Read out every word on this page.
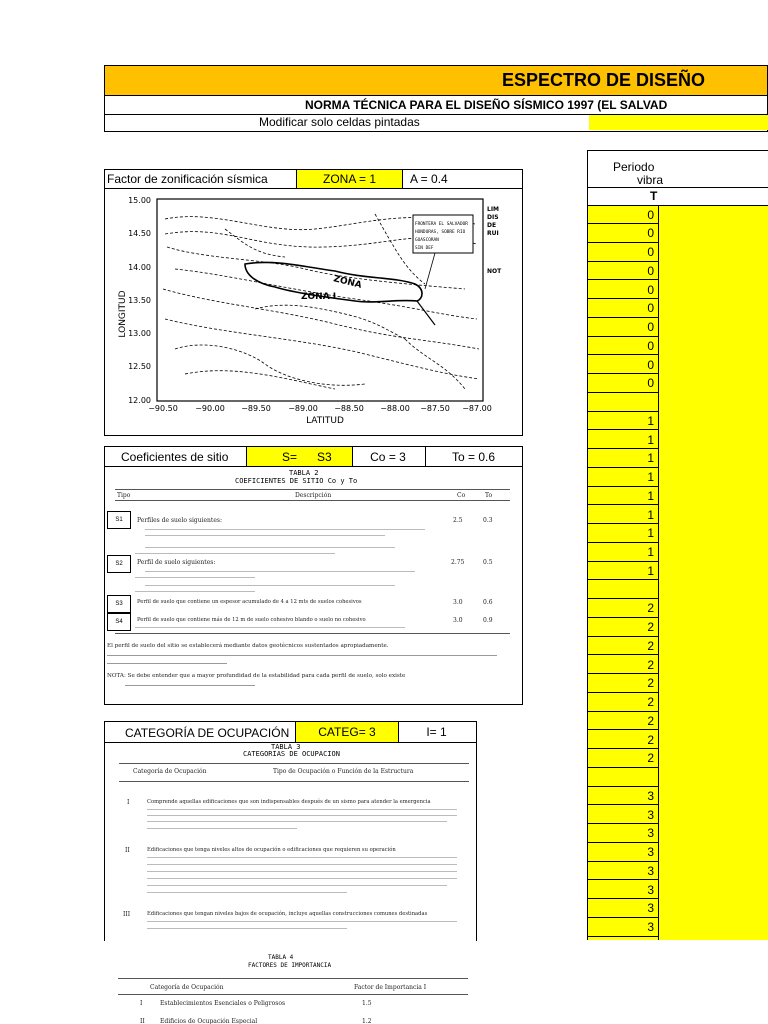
ESPECTRO DE DISEÑO
NORMA TÉCNICA PARA EL DISEÑO SÍSMICO 1997 (EL SALVAD
Modificar solo celdas pintadas
Factor de zonificación sísmica	ZONA = 1	A = 0.4
15.00
14.50
14.00
13.50
13.00
12.50
12.00
−90.50 −90.00 −89.50 −89.00 −88.50 −88.00 −87.50 −87.00
LATITUD
LONGITUD
ZONA
ZONA I
FRONTERA EL SALVADOR
HONDURAS, SOBRE RIO
GOASCORAN
SIN DEF
LIM
DIS
DE
RUI
NOT
Coeficientes de sitio	S= S3	Co = 3	To = 0.6
TABLA 2
COEFICIENTES DE SITIO Co y To
Tipo	Descripción	Co	To
S1 Perfiles de suelo siguientes:	2.5	0.3
S2 Perfil de suelo siguientes:	2.75	0.5
S3	Perfil de suelo que contiene un espesor acumulado de 4 a 12 mts de suelos cohesivos	3.0	0.6
S4	Perfil de suelo que contiene más de 12 m de suelo cohesivo blando o suelo no cohesivo	3.0	0.9
El perfil de suelo del sitio se establecerá mediante datos geotécnicos sustentados apropiadamente.
NOTA: Se debe entender que a mayor profundidad de la estabilidad para cada perfil de suelo, solo existe
CATEGORÍA DE OCUPACIÓN	CATEG= 3	I= 1
TABLA 3
CATEGORIAS DE OCUPACION
Categoría de Ocupación	Tipo de Ocupación o Función de la Estructura
I	Comprende aquellas edificaciones que son indispensables después de un sismo para atender la emergencia
II	Edificaciones que tenga niveles altos de ocupación o edificaciones que requieren su operación
III	Edificaciones que tengan niveles bajos de ocupación, incluye aquellas construcciones comunes destinadas
TABLA 4
FACTORES DE IMPORTANCIA
Categoría de Ocupación	Factor de Importancia I
I	Establecimientos Esenciales o Peligrosos	1.5
II	Edificios de Ocupación Especial	1.2
Periodo
vibra
T
0
0
0
0
0
0
0
0
0
0
1
1
1
1
1
1
1
1
1
2
2
2
2
2
2
2
2
2
3
3
3
3
3
3
3
3
